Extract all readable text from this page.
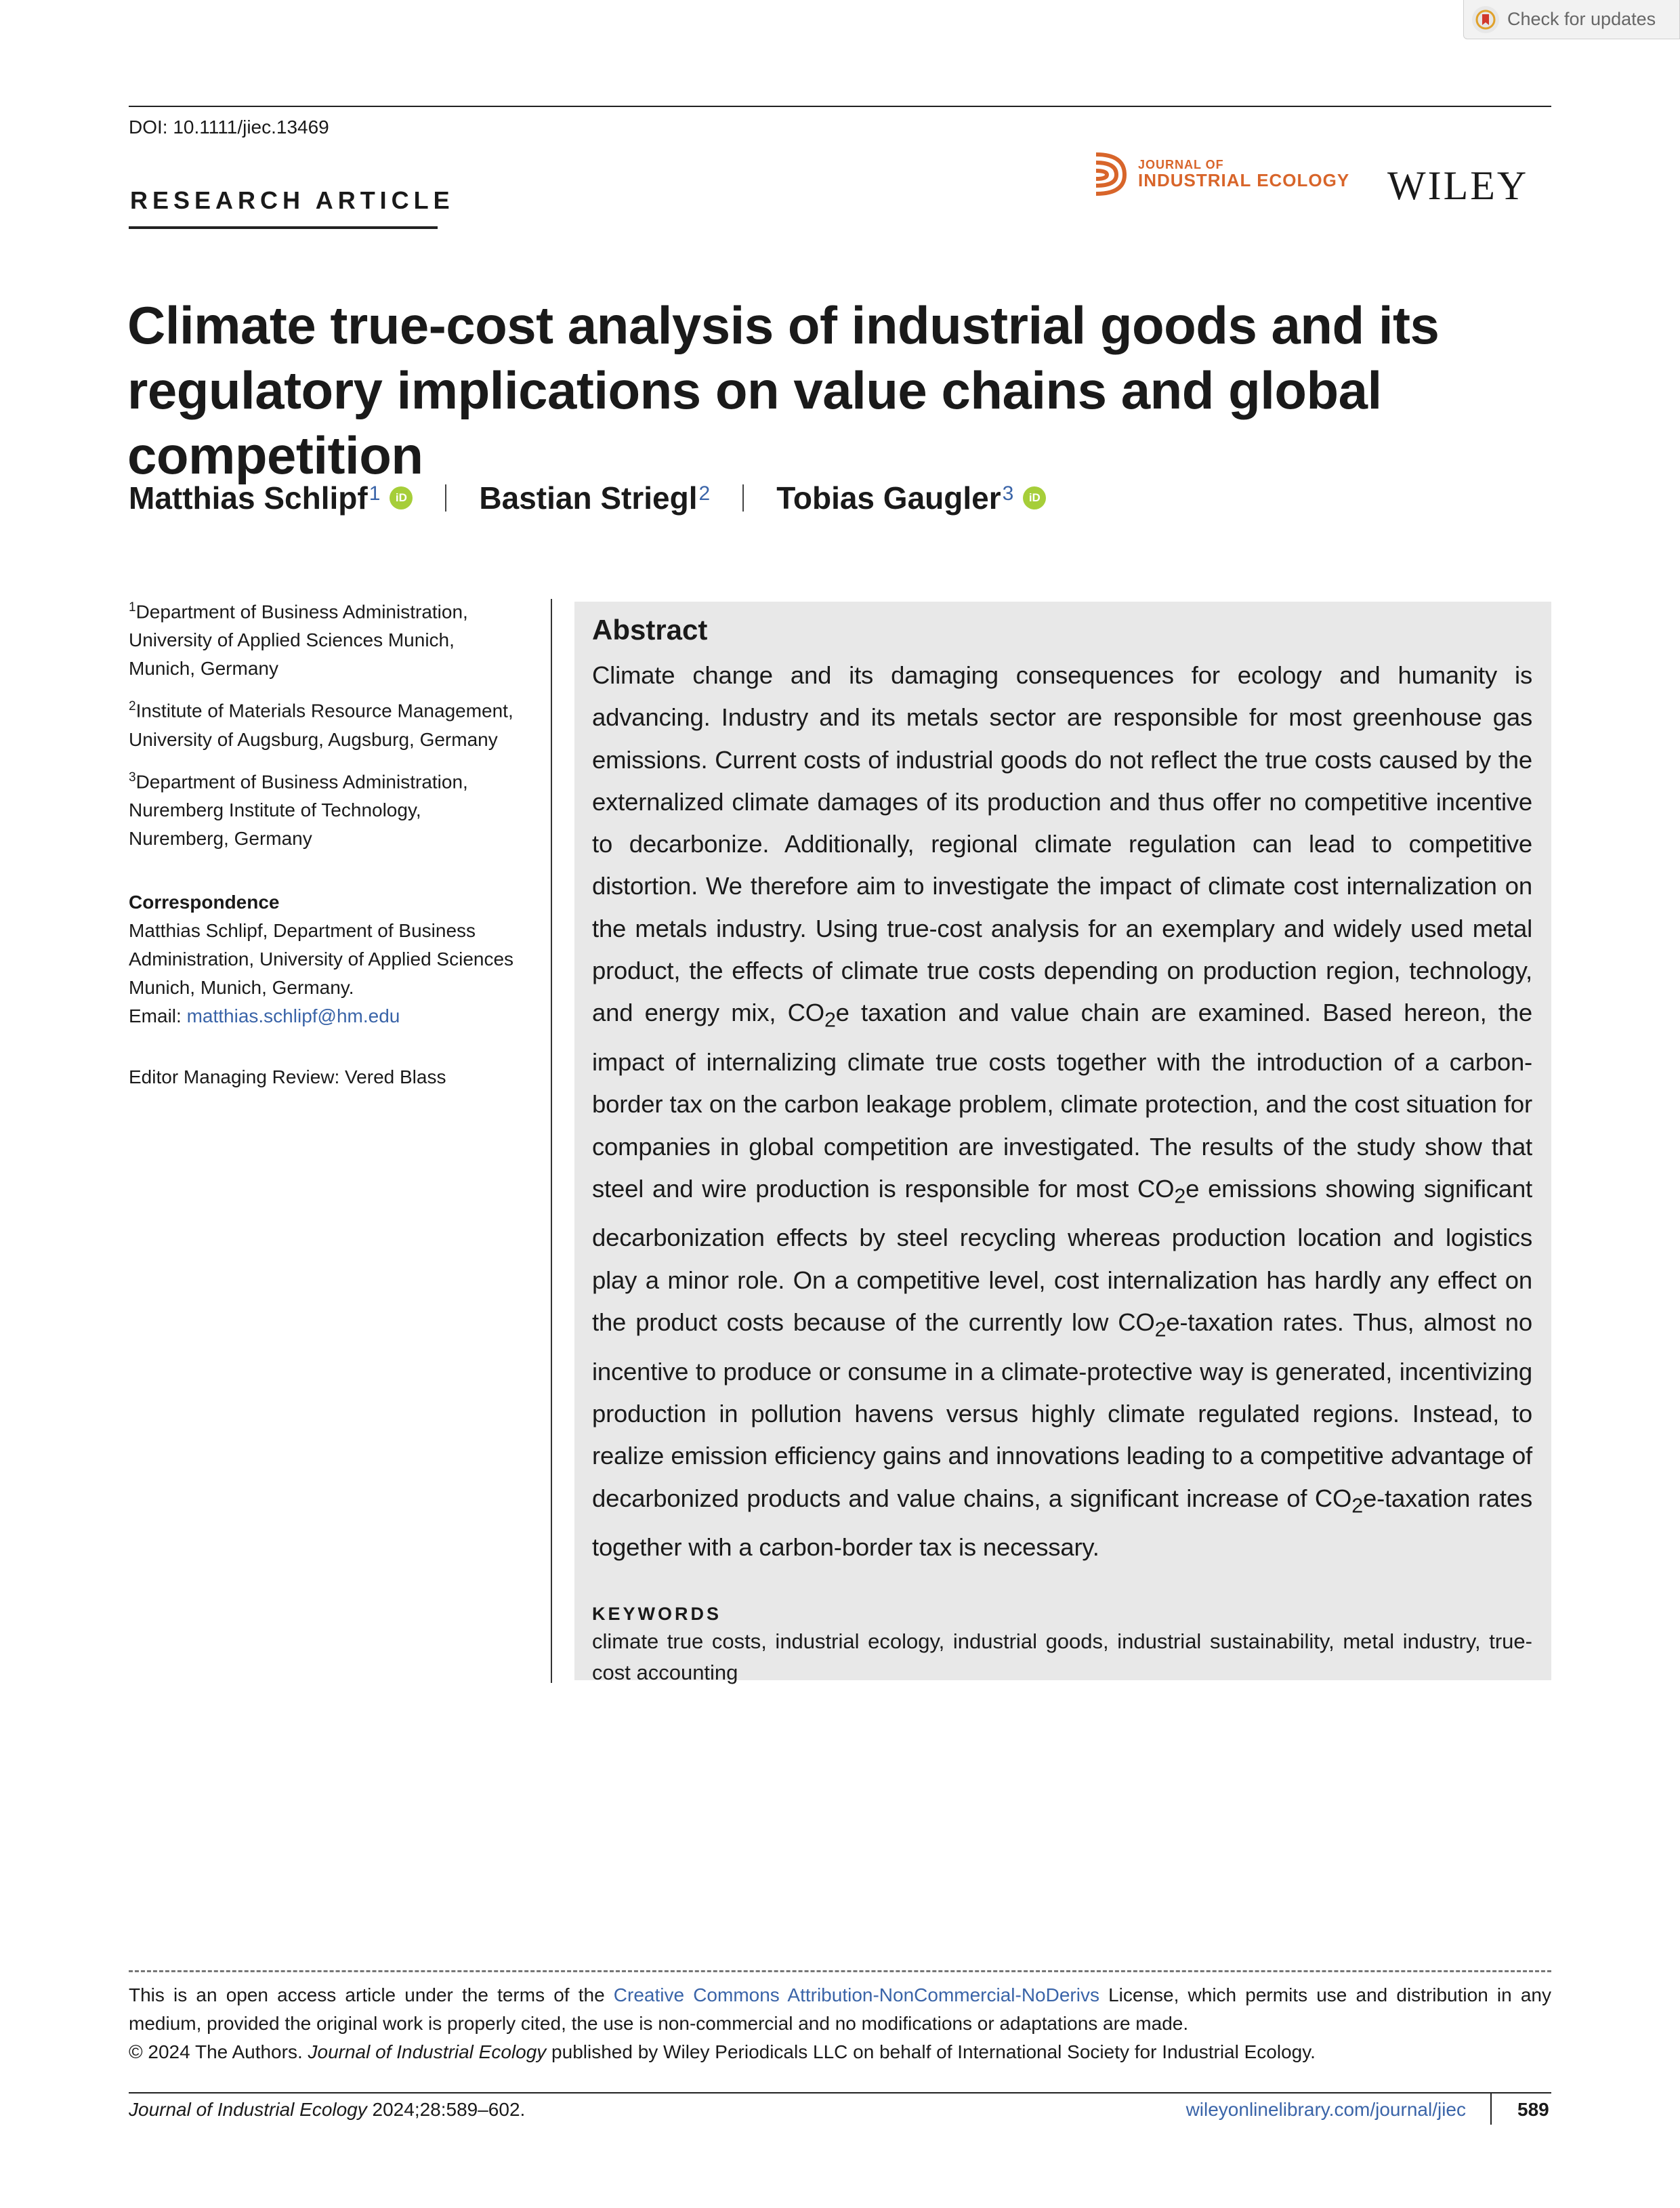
Check for updates
DOI: 10.1111/jiec.13469
RESEARCH ARTICLE
JOURNAL OF
INDUSTRIAL ECOLOGY WILEY
Climate true-cost analysis of industrial goods and its regulatory implications on value chains and global competition
Matthias Schlipf$^1$	iD Bastian Striegl$^2$ Tobias Gaugler$^3$	iD
$^1$Department of Business Administration,
University of Applied Sciences Munich,
Munich, Germany
$^2$Institute of Materials Resource Management,
University of Augsburg, Augsburg, Germany
$^3$Department of Business Administration,
Nuremberg Institute of Technology,
Nuremberg, Germany
Correspondence
Matthias Schlipf, Department of Business
Administration, University of Applied Sciences
Munich, Munich, Germany.
Email: matthias.schlipf@hm.edu
Editor Managing Review: Vered Blass
Abstract

Climate change and its damaging consequences for ecology and humanity is advancing. Industry and its metals sector are responsible for most greenhouse gas emissions. Current costs of industrial goods do not reflect the true costs caused by the externalized climate damages of its production and thus offer no competitive incentive to decarbonize. Additionally, regional climate regulation can lead to competitive distortion. We therefore aim to investigate the impact of climate cost internalization on the metals industry. Using true-cost analysis for an exemplary and widely used metal product, the effects of climate true costs depending on production region, technology, and energy mix, $CO_2e$ taxation and value chain are examined. Based hereon, the impact of internalizing climate true costs together with the introduction of a carbon-border tax on the carbon leakage problem, climate protection, and the cost situation for companies in global competition are investigated. The results of the study show that steel and wire production is responsible for most $CO_2e$ emissions showing significant decarbonization effects by steel recycling whereas production location and logistics play a minor role. On a competitive level, cost internalization has hardly any effect on the product costs because of the currently low $CO_2e$-taxation rates. Thus, almost no incentive to produce or consume in a climate-protective way is generated, incentivizing production in pollution havens versus highly climate regulated regions. Instead, to realize emission efficiency gains and innovations leading to a competitive advantage of decarbonized products and value chains, a significant increase of $CO_2e$-taxation rates together with a carbon-border tax is necessary.

KEYWORDS
climate true costs, industrial ecology, industrial goods, industrial sustainability, metal industry, true-cost accounting

This is an open access article under the terms of the Creative Commons Attribution-NonCommercial-NoDerivs License, which permits use and distribution in any medium, provided the original work is properly cited, the use is non-commercial and no modifications or adaptations are made.

© 2024 The Authors. Journal of Industrial Ecology published by Wiley Periodicals LLC on behalf of International Society for Industrial Ecology.

Journal of Industrial Ecology 2024;28:589–602.	wileyonlinelibrary.com/journal/jiec	589
